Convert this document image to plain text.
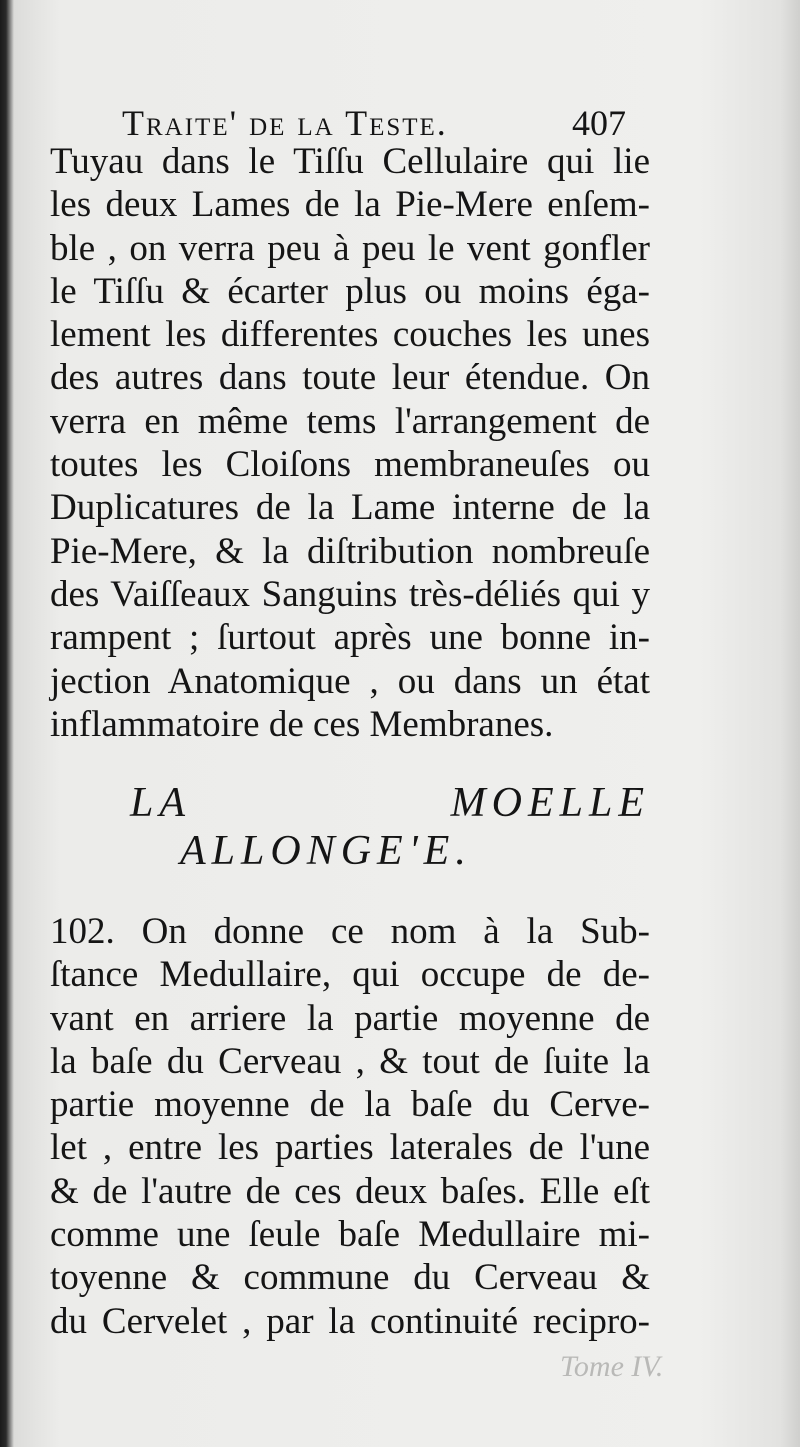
Traite' de la Teste.	407
Tuyau dans le Tiſſu Cellulaire qui lie
les deux Lames de la Pie-Mere enſem-
ble , on verra peu à peu le vent gonfler
le Tiſſu & écarter plus ou moins éga-
lement les differentes couches les unes
des autres dans toute leur étendue. On
verra en même tems l'arrangement de
toutes les Cloiſons membraneuſes ou
Duplicatures de la Lame interne de la
Pie-Mere, & la diſtribution nombreuſe
des Vaiſſeaux Sanguins très-déliés qui y
rampent ; ſurtout après une bonne in-
jection Anatomique , ou dans un état
inflammatoire de ces Membranes.
LA MOELLE
ALLONGE'E.
102. On donne ce nom à la Sub-
ſtance Medullaire, qui occupe de de-
vant en arriere la partie moyenne de
la baſe du Cerveau , & tout de ſuite la
partie moyenne de la baſe du Cerve-
let , entre les parties laterales de l'une
& de l'autre de ces deux baſes. Elle eſt
comme une ſeule baſe Medullaire mi-
toyenne & commune du Cerveau &
du Cervelet , par la continuité recipro-
Tome IV.
